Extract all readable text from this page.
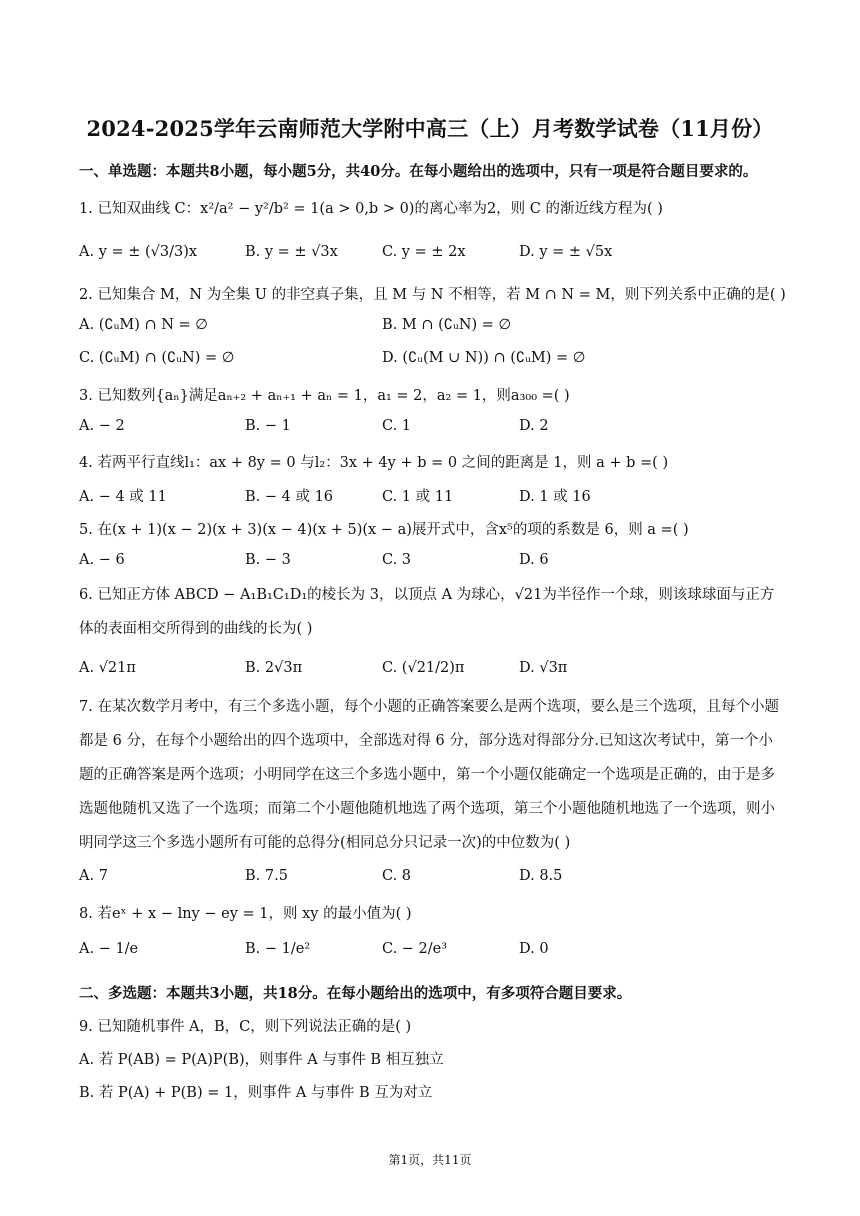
2024-2025学年云南师范大学附中高三（上）月考数学试卷（11月份）
一、单选题：本题共8小题，每小题5分，共40分。在每小题给出的选项中，只有一项是符合题目要求的。
1. 已知双曲线 C：x²/a² − y²/b² = 1(a > 0,b > 0)的离心率为2，则 C 的渐近线方程为( )
A. y = ± (√3/3)x	B. y = ± √3x	C. y = ± 2x	D. y = ± √5x
2. 已知集合 M，N 为全集 U 的非空真子集，且 M 与 N 不相等，若 M ∩ N = M，则下列关系中正确的是( )
A. (∁ᵤM) ∩ N = ∅	B. M ∩ (∁ᵤN) = ∅
C. (∁ᵤM) ∩ (∁ᵤN) = ∅	D. (∁ᵤ(M ∪ N)) ∩ (∁ᵤM) = ∅
3. 已知数列{aₙ}满足aₙ₊₂ + aₙ₊₁ + aₙ = 1，a₁ = 2，a₂ = 1，则a₃₀₀ =( )
A. − 2	B. − 1	C. 1	D. 2
4. 若两平行直线l₁：ax + 8y = 0 与l₂：3x + 4y + b = 0 之间的距离是 1，则 a + b =( )
A. − 4 或 11	B. − 4 或 16	C. 1 或 11	D. 1 或 16
5. 在(x + 1)(x − 2)(x + 3)(x − 4)(x + 5)(x − a)展开式中，含x⁵的项的系数是 6，则 a =( )
A. − 6	B. − 3	C. 3	D. 6
6. 已知正方体 ABCD − A₁B₁C₁D₁的棱长为 3，以顶点 A 为球心，√21为半径作一个球，则该球球面与正方体的表面相交所得到的曲线的长为( )
A. √21π	B. 2√3π	C. (√21/2)π	D. √3π
7. 在某次数学月考中，有三个多选小题，每个小题的正确答案要么是两个选项，要么是三个选项，且每个小题都是 6 分，在每个小题给出的四个选项中，全部选对得 6 分，部分选对得部分分.已知这次考试中，第一个小题的正确答案是两个选项；小明同学在这三个多选小题中，第一个小题仅能确定一个选项是正确的，由于是多选题他随机又选了一个选项；而第二个小题他随机地选了两个选项，第三个小题他随机地选了一个选项，则小明同学这三个多选小题所有可能的总得分(相同总分只记录一次)的中位数为( )
A. 7	B. 7.5	C. 8	D. 8.5
8. 若eˣ + x − lny − ey = 1，则 xy 的最小值为( )
A. − 1/e	B. − 1/e²	C. − 2/e³	D. 0
二、多选题：本题共3小题，共18分。在每小题给出的选项中，有多项符合题目要求。
9. 已知随机事件 A，B，C，则下列说法正确的是( )
A. 若 P(AB) = P(A)P(B)，则事件 A 与事件 B 相互独立
B. 若 P(A) + P(B) = 1，则事件 A 与事件 B 互为对立
第1页，共11页
